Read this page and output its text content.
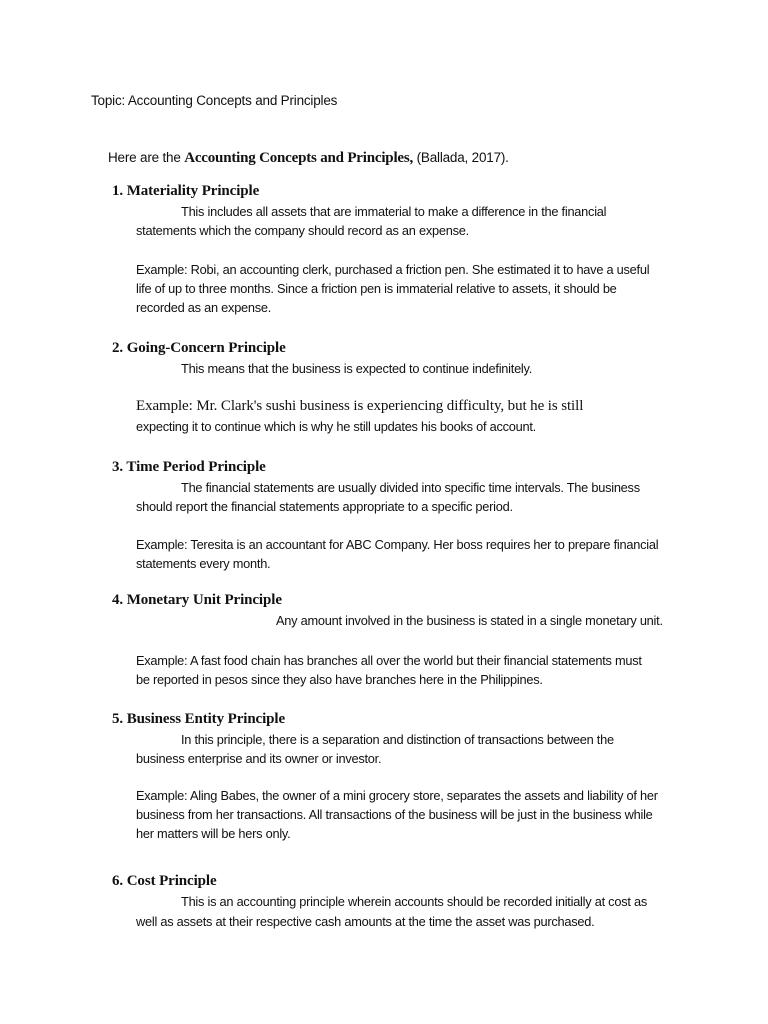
Topic: Accounting Concepts and Principles
Here are the Accounting Concepts and Principles, (Ballada, 2017).
1. Materiality Principle
This includes all assets that are immaterial to make a difference in the financial
statements which the company should record as an expense.
Example: Robi, an accounting clerk, purchased a friction pen. She estimated it to have a useful
life of up to three months. Since a friction pen is immaterial relative to assets, it should be
recorded as an expense.
2. Going-Concern Principle
This means that the business is expected to continue indefinitely.
Example: Mr. Clark's sushi business is experiencing difficulty, but he is still
expecting it to continue which is why he still updates his books of account.
3. Time Period Principle
The financial statements are usually divided into specific time intervals. The business
should report the financial statements appropriate to a specific period.
Example: Teresita is an accountant for ABC Company. Her boss requires her to prepare financial
statements every month.
4. Monetary Unit Principle
Any amount involved in the business is stated in a single monetary unit.
Example: A fast food chain has branches all over the world but their financial statements must
be reported in pesos since they also have branches here in the Philippines.
5. Business Entity Principle
In this principle, there is a separation and distinction of transactions between the
business enterprise and its owner or investor.
Example: Aling Babes, the owner of a mini grocery store, separates the assets and liability of her
business from her transactions. All transactions of the business will be just in the business while
her matters will be hers only.
6. Cost Principle
This is an accounting principle wherein accounts should be recorded initially at cost as
well as assets at their respective cash amounts at the time the asset was purchased.
